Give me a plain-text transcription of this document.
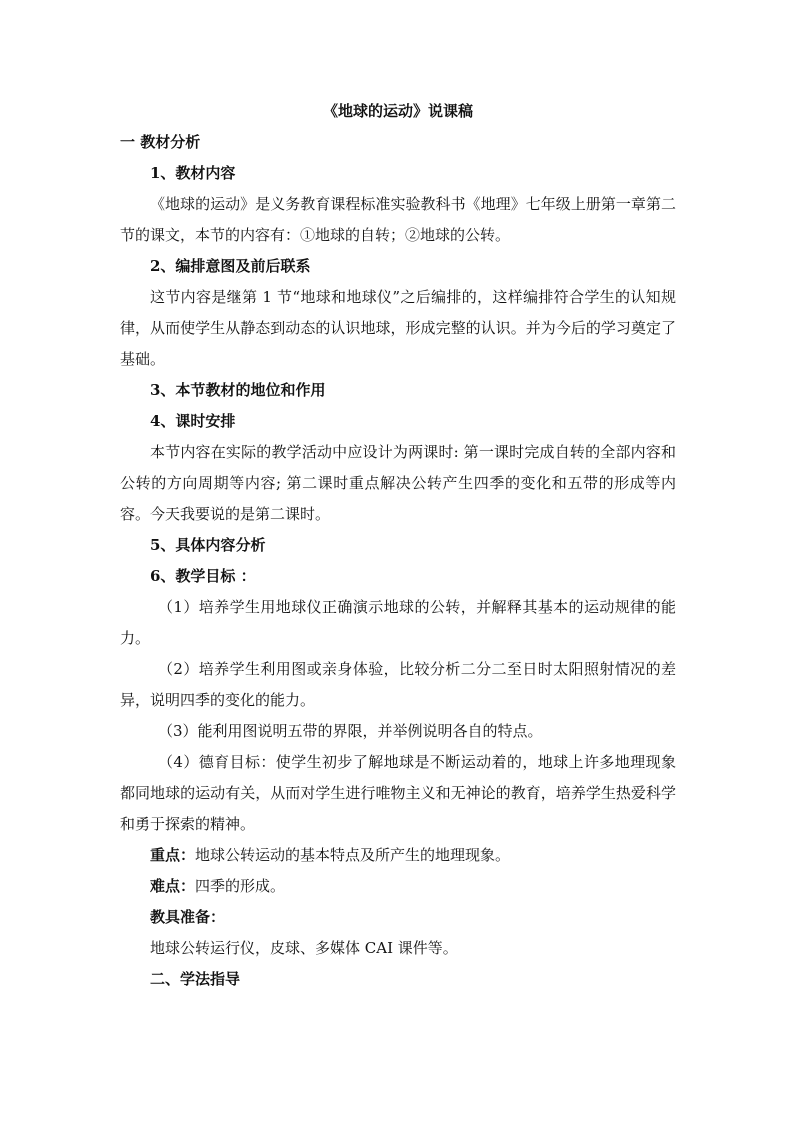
《地球的运动》说课稿

一 教材分析

1、教材内容

《地球的运动》是义务教育课程标准实验教科书《地理》七年级上册第一章第二节的课文，本节的内容有：①地球的自转；②地球的公转。

2、编排意图及前后联系

这节内容是继第 1 节“地球和地球仪”之后编排的，这样编排符合学生的认知规律，从而使学生从静态到动态的认识地球，形成完整的认识。并为今后的学习奠定了基础。

3、本节教材的地位和作用

4、课时安排

本节内容在实际的教学活动中应设计为两课时: 第一课时完成自转的全部内容和公转的方向周期等内容; 第二课时重点解决公转产生四季的变化和五带的形成等内容。今天我要说的是第二课时。

5、具体内容分析

6、教学目标 ：

（1）培养学生用地球仪正确演示地球的公转，并解释其基本的运动规律的能力。

（2）培养学生利用图或亲身体验，比较分析二分二至日时太阳照射情况的差异，说明四季的变化的能力。

（3）能利用图说明五带的界限，并举例说明各自的特点。

（4）德育目标：使学生初步了解地球是不断运动着的，地球上许多地理现象都同地球的运动有关，从而对学生进行唯物主义和无神论的教育，培养学生热爱科学和勇于探索的精神。

重点：地球公转运动的基本特点及所产生的地理现象。

难点：四季的形成。

教具准备：

地球公转运行仪，皮球、多媒体 CAI 课件等。

二、学法指导
